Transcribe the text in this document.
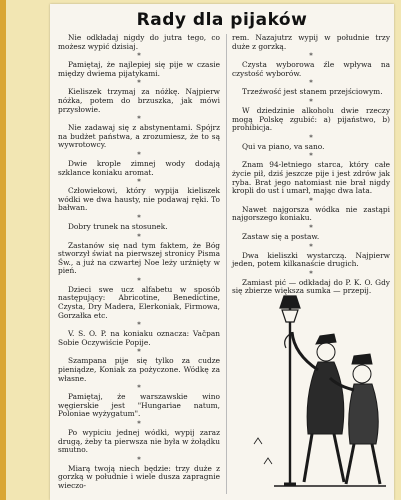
Rady dla pijaków

Nie odkładaj nigdy do jutra tego, co możesz wypić dzisiaj.

*

Pamiętaj, że najlepiej się pije w czasie między dwiema pijatykami.

*

Kieliszek trzymaj za nóżkę. Najpierw nóżka, potem do brzuszka, jak mówi przysłowie.

*

Nie zadawaj się z abstynentami. Spójrz na budżet państwa, a zrozumiesz, że to są wywrotowcy.

*

Dwie krople zimnej wody dodają szklance koniaku aromat.

*

Człowiekowi, który wypija kieliszek wódki we dwa hausty, nie podawaj ręki. To bałwan.

*

Dobry trunek na stosunek.

*

Zastanów się nad tym faktem, że Bóg stworzył świat na pierwszej stronicy Pisma Św., a już na czwartej Noe leży urżnięty w pień.

*

Dzieci swe ucz alfabetu w sposób następujący: Abricotine, Benedictine, Czysta, Dry Madera, Elerkoniak, Firmowa, Gorzałka etc.

*

V. S. O. P. na koniaku oznacza: Vačpan Sobie Oczywiście Popije.

*

Szampana pije się tylko za cudze pieniądze, Koniak za pożyczone. Wódkę za własne.

*

Pamiętaj, że warszawskie wino węgierskie jest "Hungariae natum, Poloniae wyżygatum".

*

Po wypiciu jednej wódki, wypij zaraz drugą, żeby ta pierwsza nie była w żołądku smutno.

*

Miarą twoją niech będzie: trzy duże z gorzką w południe i wiele dusza zapragnie wieczo-

rem. Nazajutrz wypij w południe trzy duże z gorzką.

*

Czysta wyborowa źle wpływa na czystość wyborów.

*

Trzeźwość jest stanem przejściowym.

*

W dziedzinie alkoholu dwie rzeczy mogą Polskę zgubić: a) pijaństwo, b) prohibicja.

*

Qui va piano, va sano.

*

Znam 94-letniego starca, który całe życie pił, dziś jeszcze pije i jest zdrów jak ryba. Brat jego natomiast nie brał nigdy kropli do ust i umarł, mając dwa lata.

*

Nawet najgorsza wódka nie zastąpi najgorszego koniaku.

*

Zastaw się a postaw.

*

Dwa kieliszki wystarczą. Najpierw jeden, potem kilkanaście drugich.

*

Zamiast pić — odkładaj do P. K. O. Gdy się zbierze większa sumka — przepij.
